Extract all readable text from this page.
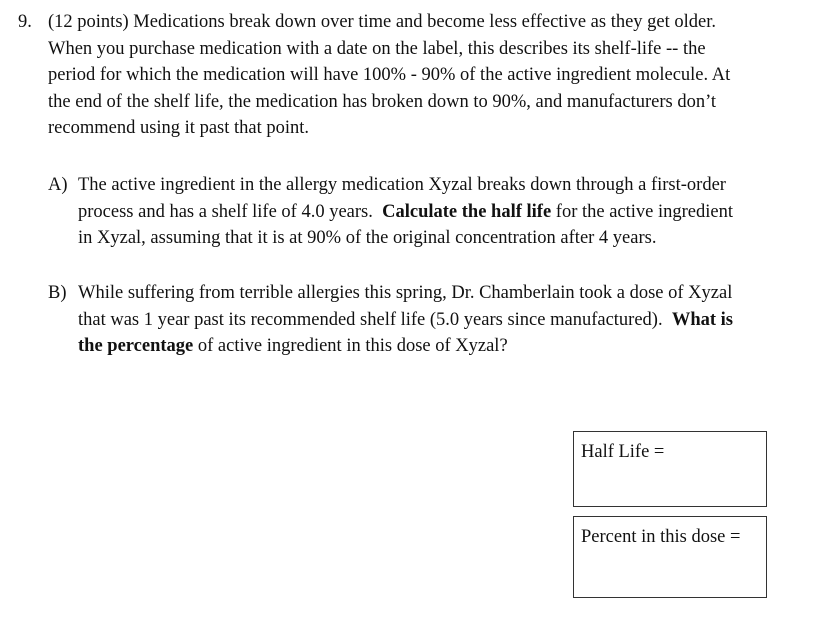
9. (12 points) Medications break down over time and become less effective as they get older.
When you purchase medication with a date on the label, this describes its shelf-life -- the
period for which the medication will have 100% - 90% of the active ingredient molecule. At
the end of the shelf life, the medication has broken down to 90%, and manufacturers don’t
recommend using it past that point.
A) The active ingredient in the allergy medication Xyzal breaks down through a first-order
process and has a shelf life of 4.0 years.  Calculate the half life for the active ingredient
in Xyzal, assuming that it is at 90% of the original concentration after 4 years.
B) While suffering from terrible allergies this spring, Dr. Chamberlain took a dose of Xyzal
that was 1 year past its recommended shelf life (5.0 years since manufactured).  What is
the percentage of active ingredient in this dose of Xyzal?
Half Life =
Percent in this dose =
